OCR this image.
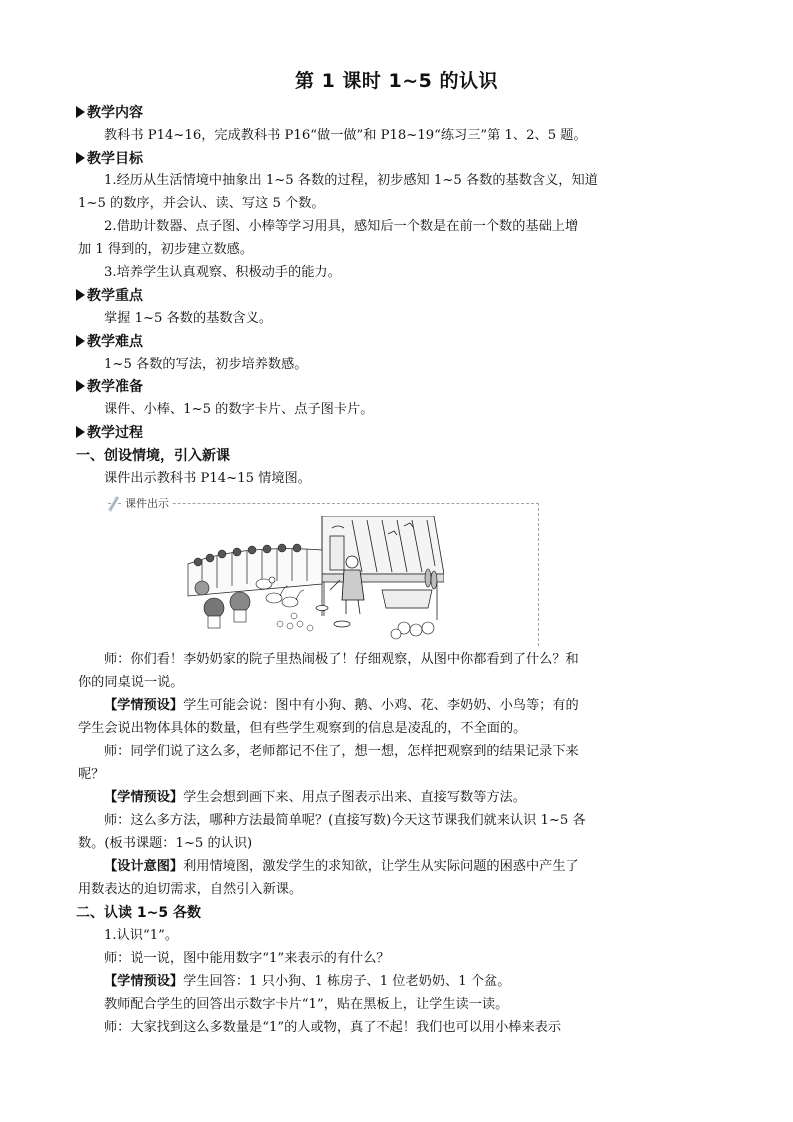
第 1 课时 1~5 的认识
教学内容
教科书 P14~16，完成教科书 P16“做一做”和 P18~19“练习三”第 1、2、5 题。
教学目标
1.经历从生活情境中抽象出 1~5 各数的过程，初步感知 1~5 各数的基数含义，知道
1~5 的数序，并会认、读、写这 5 个数。
2.借助计数器、点子图、小棒等学习用具，感知后一个数是在前一个数的基础上增
加 1 得到的，初步建立数感。
3.培养学生认真观察、积极动手的能力。
教学重点
掌握 1~5 各数的基数含义。
教学难点
1~5 各数的写法，初步培养数感。
教学准备
课件、小棒、1~5 的数字卡片、点子图卡片。
教学过程
一、创设情境，引入新课
课件出示教科书 P14~15 情境图。
课件出示
师：你们看！李奶奶家的院子里热闹极了！仔细观察，从图中你都看到了什么？和
你的同桌说一说。
【学情预设】学生可能会说：图中有小狗、鹅、小鸡、花、李奶奶、小鸟等；有的
学生会说出物体具体的数量，但有些学生观察到的信息是凌乱的，不全面的。
师：同学们说了这么多，老师都记不住了，想一想，怎样把观察到的结果记录下来
呢？
【学情预设】学生会想到画下来、用点子图表示出来、直接写数等方法。
师：这么多方法，哪种方法最简单呢？(直接写数)今天这节课我们就来认识 1~5 各
数。(板书课题：1~5 的认识)
【设计意图】利用情境图，激发学生的求知欲，让学生从实际问题的困惑中产生了
用数表达的迫切需求，自然引入新课。
二、认读 1~5 各数
1.认识“1”。
师：说一说，图中能用数字“1”来表示的有什么？
【学情预设】学生回答：1 只小狗、1 栋房子、1 位老奶奶、1 个盆。
教师配合学生的回答出示数字卡片“1”，贴在黑板上，让学生读一读。
师：大家找到这么多数量是“1”的人或物，真了不起！我们也可以用小棒来表示
